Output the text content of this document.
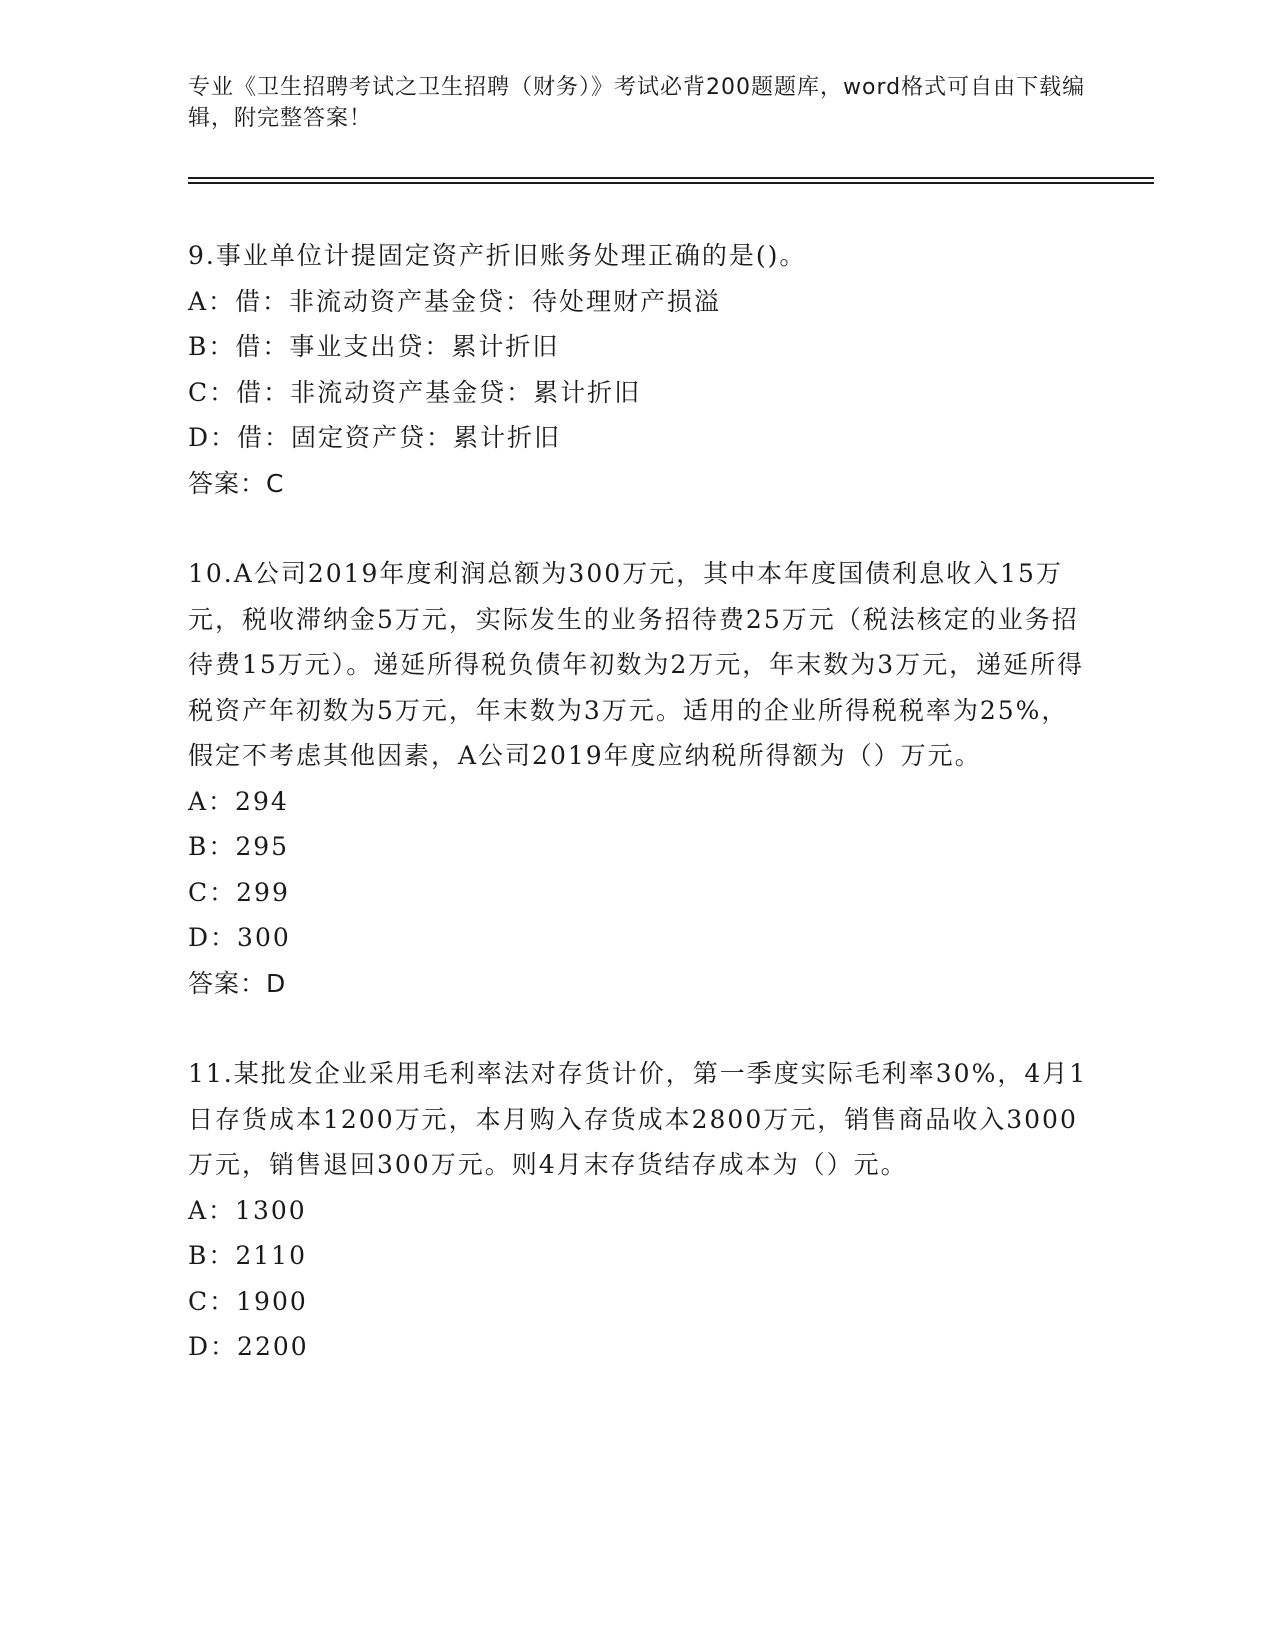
专业《卫生招聘考试之卫生招聘（财务）》考试必背200题题库，word格式可自由下载编辑，附完整答案！
9.事业单位计提固定资产折旧账务处理正确的是()。
A：借：非流动资产基金贷：待处理财产损溢
B：借：事业支出贷：累计折旧
C：借：非流动资产基金贷：累计折旧
D：借：固定资产贷：累计折旧
答案：C
10.A公司2019年度利润总额为300万元，其中本年度国债利息收入15万元，税收滞纳金5万元，实际发生的业务招待费25万元（税法核定的业务招待费15万元）。递延所得税负债年初数为2万元，年末数为3万元，递延所得税资产年初数为5万元，年末数为3万元。适用的企业所得税税率为25%，假定不考虑其他因素，A公司2019年度应纳税所得额为（）万元。
A：294
B：295
C：299
D：300
答案：D
11.某批发企业采用毛利率法对存货计价，第一季度实际毛利率30%，4月1日存货成本1200万元，本月购入存货成本2800万元，销售商品收入3000万元，销售退回300万元。则4月末存货结存成本为（）元。
A：1300
B：2110
C：1900
D：2200
